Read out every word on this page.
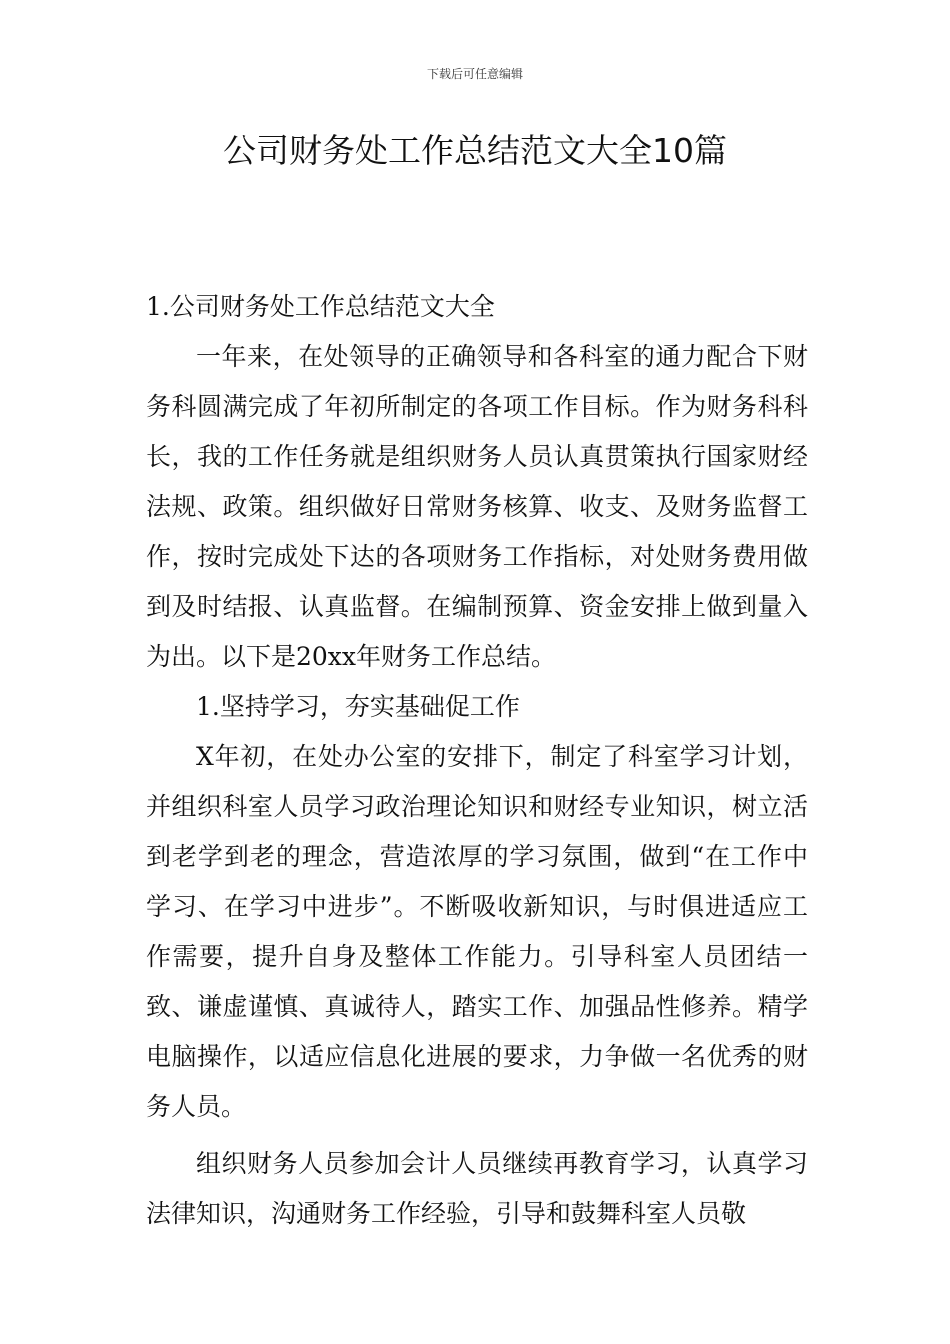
下载后可任意编辑
公司财务处工作总结范文大全10篇

1.公司财务处工作总结范文大全

一年来，在处领导的正确领导和各科室的通力配合下财务科圆满完成了年初所制定的各项工作目标。作为财务科科长，我的工作任务就是组织财务人员认真贯策执行国家财经法规、政策。组织做好日常财务核算、收支、及财务监督工作，按时完成处下达的各项财务工作指标，对处财务费用做到及时结报、认真监督。在编制预算、资金安排上做到量入为出。以下是20xx年财务工作总结。

1.坚持学习，夯实基础促工作

X年初，在处办公室的安排下，制定了科室学习计划，并组织科室人员学习政治理论知识和财经专业知识，树立活到老学到老的理念，营造浓厚的学习氛围，做到“在工作中学习、在学习中进步”。不断吸收新知识，与时俱进适应工作需要，提升自身及整体工作能力。引导科室人员团结一致、谦虚谨慎、真诚待人，踏实工作、加强品性修养。精学电脑操作，以适应信息化进展的要求，力争做一名优秀的财务人员。

组织财务人员参加会计人员继续再教育学习，认真学习法律知识，沟通财务工作经验，引导和鼓舞科室人员敬
